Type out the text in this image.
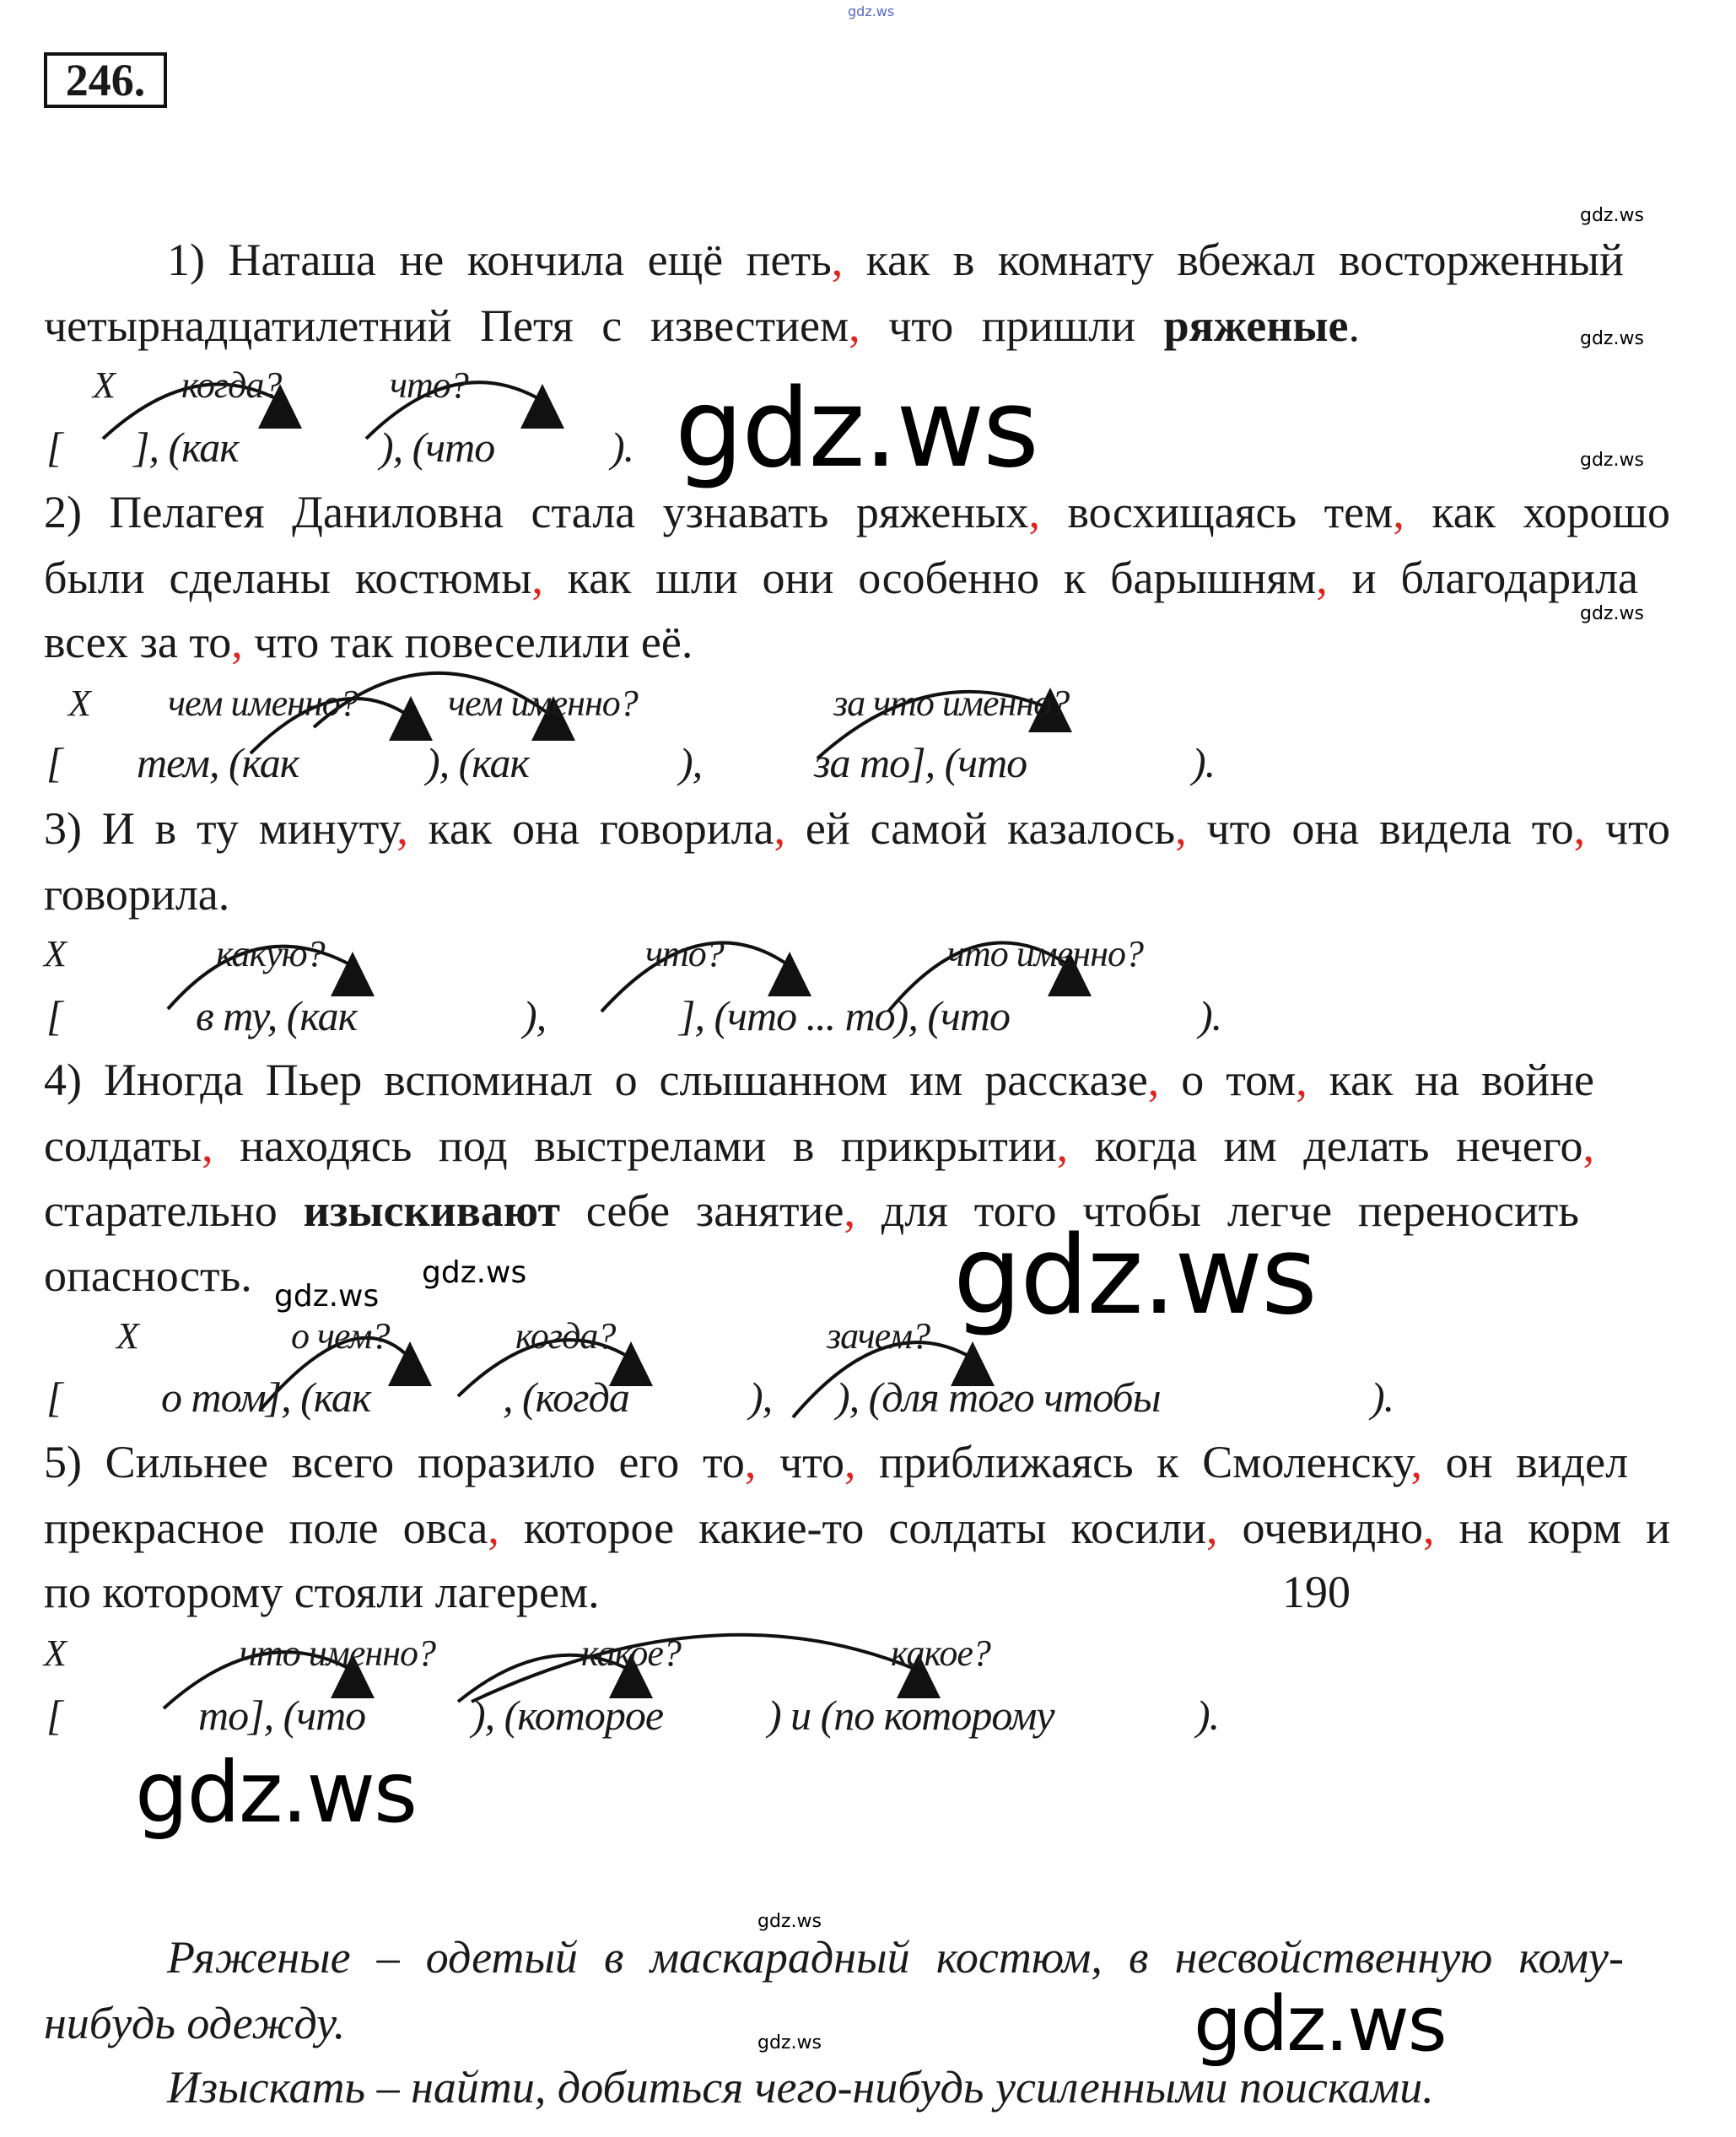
246.
gdz.ws
1) Наташа не кончила ещё петь, как в комнату вбежал восторженный
четырнадцатилетний Петя с известием, что пришли ряженые.
2) Пелагея Даниловна стала узнавать ряженых, восхищаясь тем, как хорошо
были сделаны костюмы, как шли они особенно к барышням, и благодарила
всех за то, что так повеселили её.
3) И в ту минуту, как она говорила, ей самой казалось, что она видела то, что
говорила.
4) Иногда Пьер вспоминал о слышанном им рассказе, о том, как на войне
солдаты, находясь под выстрелами в прикрытии, когда им делать нечего,
старательно изыскивают себе занятие, для того чтобы легче переносить
опасность.
5) Сильнее всего поразило его то, что, приближаясь к Смоленску, он видел
прекрасное поле овса, которое какие-то солдаты косили, очевидно, на корм и
по которому стояли лагерем.	190
X когда?	что?
[ ], (как	), (что	).
X чем именно? чем именно?	за что именно?
[ тем, (как	), (как	),	за то], (что	).
X	какую?	что?	что именно?
[	в ту, (как	),	], (что ... то), (что	).
X	о чем?	когда?	зачем?
[ о том], (как	, (когда	), ), (для того чтобы	).
X	что именно?	какое?	какое?
[	то], (что	), (которое ) и (по которому	).
Ряженые – одетый в маскарадный костюм, в несвойственную кому-
нибудь одежду.
Изыскать – найти, добиться чего-нибудь усиленными поисками.
gdz.ws
gdz.ws
gdz.ws
gdz.ws
gdz.ws
gdz.ws
gdz.ws
gdz.ws
gdz.ws
gdz.ws
gdz.ws
gdz.ws
